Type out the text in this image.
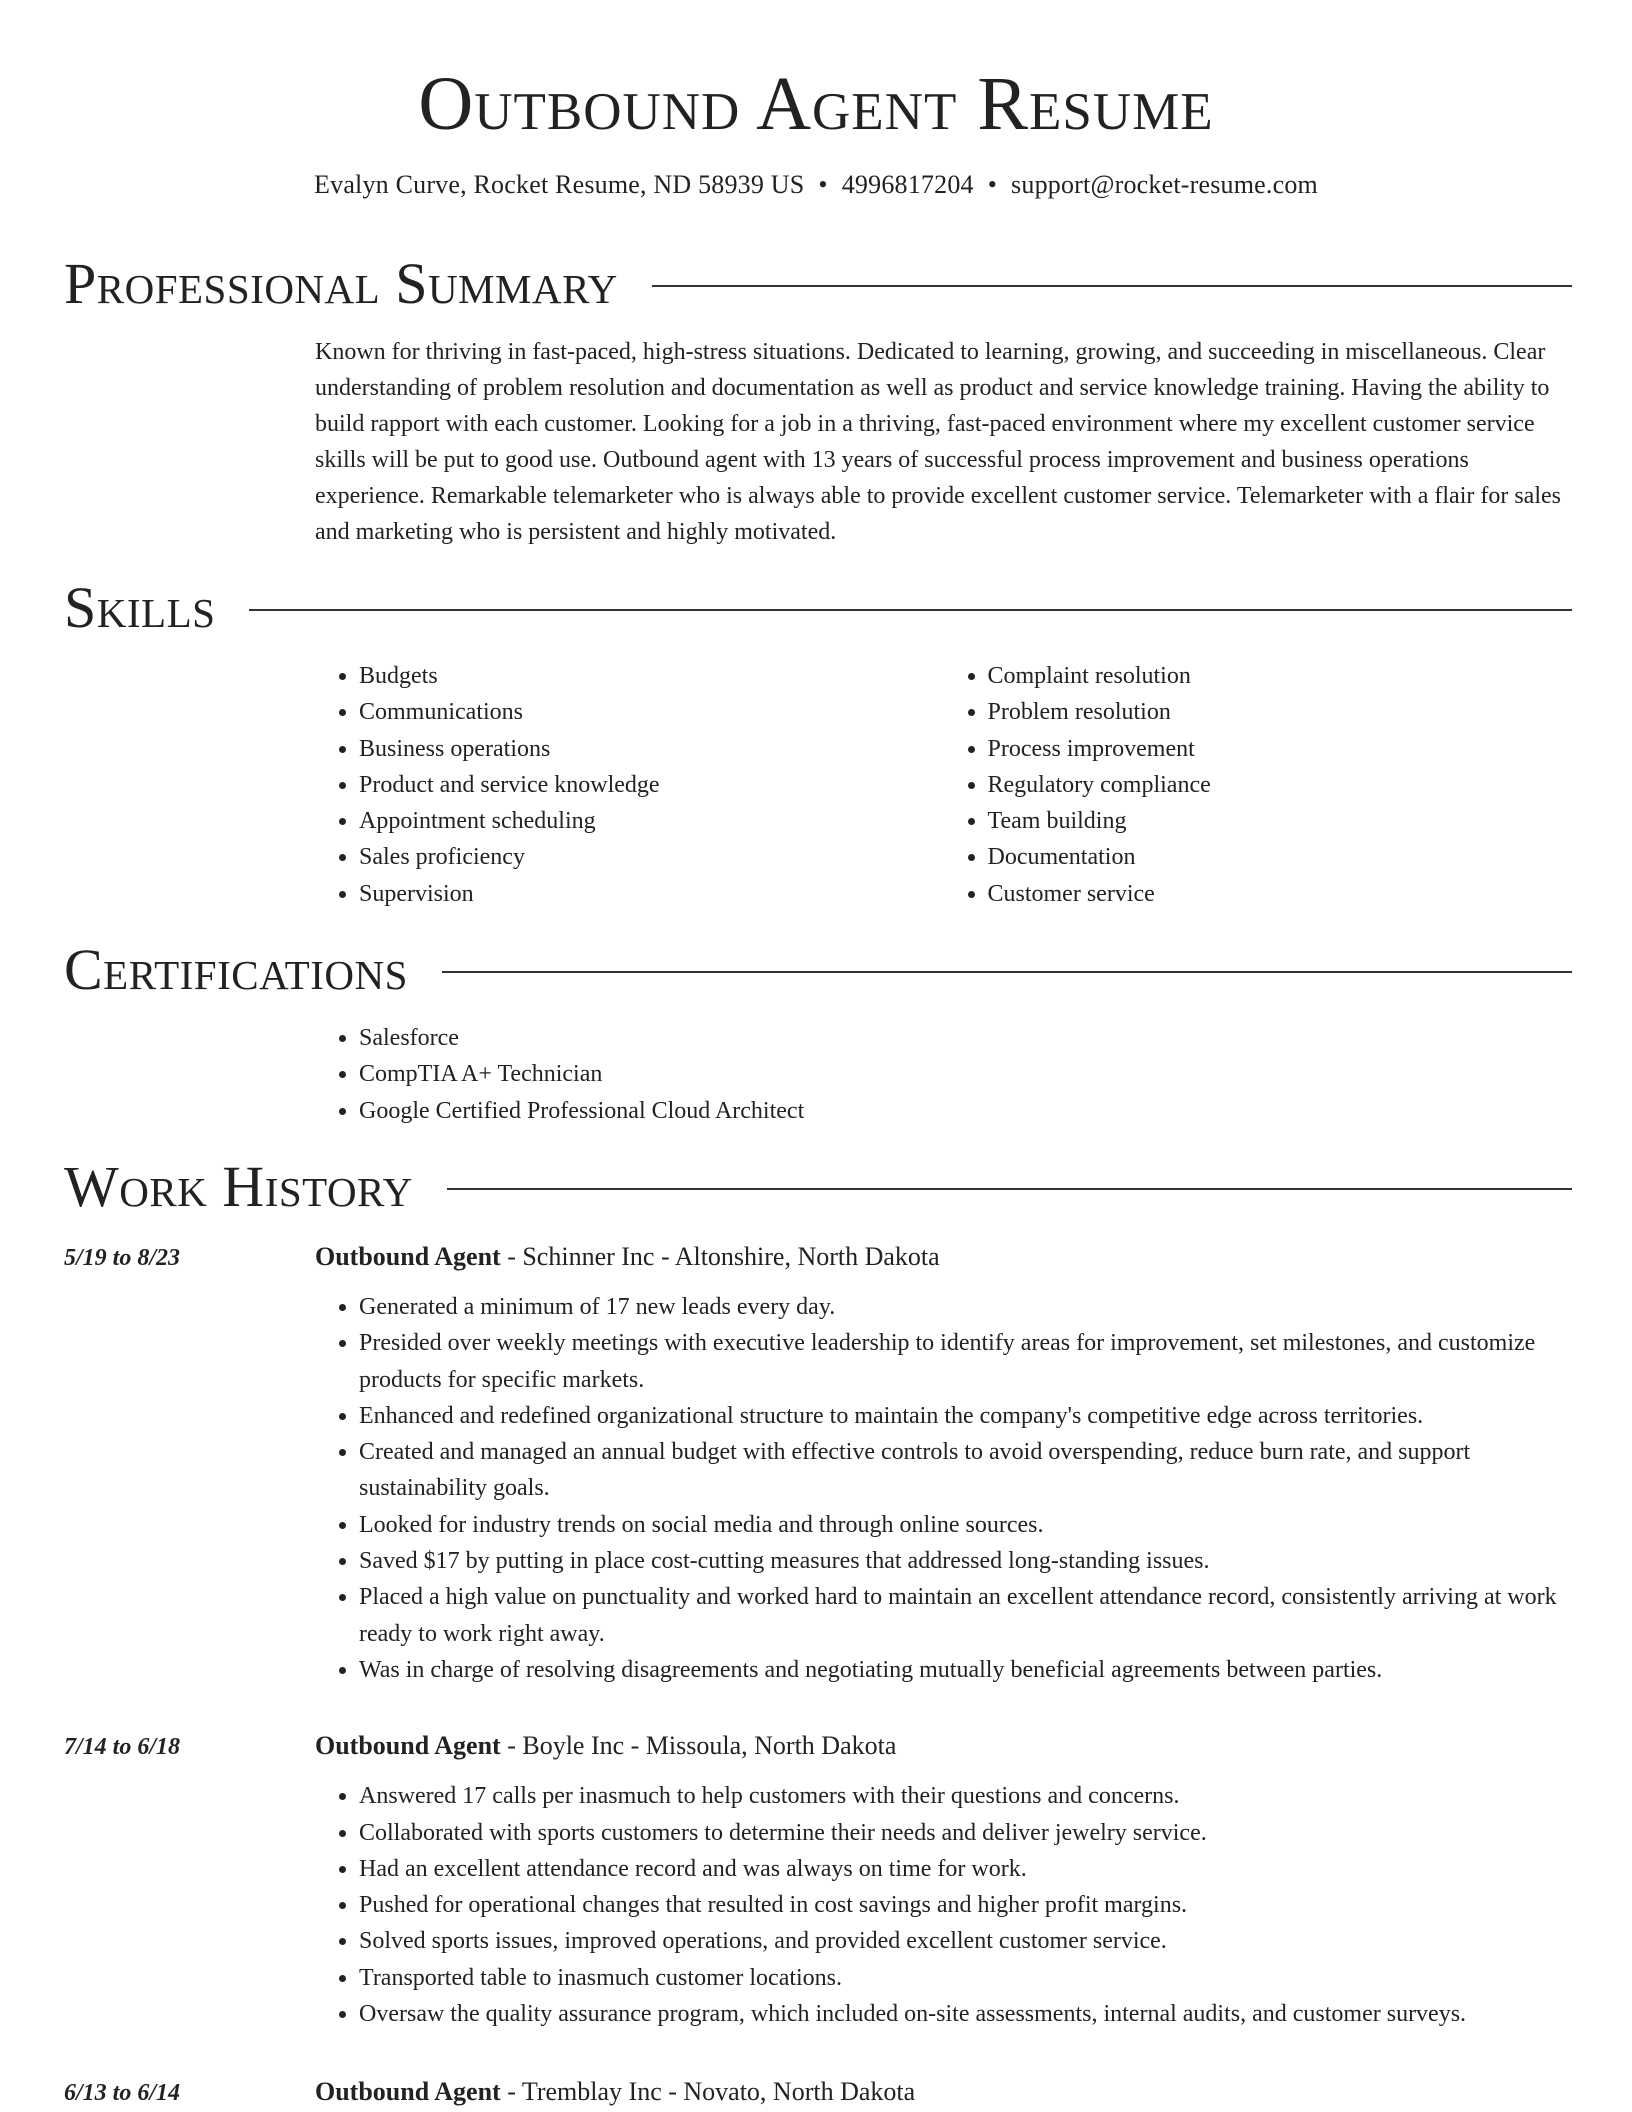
Outbound Agent Resume
Evalyn Curve, Rocket Resume, ND 58939 US • 4996817204 • support@rocket-resume.com
Professional Summary

Known for thriving in fast-paced, high-stress situations. Dedicated to learning, growing, and succeeding in miscellaneous. Clear understanding of problem resolution and documentation as well as product and service knowledge training. Having the ability to build rapport with each customer. Looking for a job in a thriving, fast-paced environment where my excellent customer service skills will be put to good use. Outbound agent with 13 years of successful process improvement and business operations experience. Remarkable telemarketer who is always able to provide excellent customer service. Telemarketer with a flair for sales and marketing who is persistent and highly motivated.

Skills
• Budgets
• Communications
• Business operations
• Product and service knowledge
• Appointment scheduling
• Sales proficiency
• Supervision
• Complaint resolution
• Problem resolution
• Process improvement
• Regulatory compliance
• Team building
• Documentation
• Customer service
Certifications
• Salesforce
• CompTIA A+ Technician
• Google Certified Professional Cloud Architect
Work History
5/19 to 8/23	Outbound Agent - Schinner Inc - Altonshire, North Dakota
• Generated a minimum of 17 new leads every day.
• Presided over weekly meetings with executive leadership to identify areas for improvement, set milestones, and customize products for specific markets.
• Enhanced and redefined organizational structure to maintain the company's competitive edge across territories.
• Created and managed an annual budget with effective controls to avoid overspending, reduce burn rate, and support sustainability goals.
• Looked for industry trends on social media and through online sources.
• Saved $17 by putting in place cost-cutting measures that addressed long-standing issues.
• Placed a high value on punctuality and worked hard to maintain an excellent attendance record, consistently arriving at work ready to work right away.
• Was in charge of resolving disagreements and negotiating mutually beneficial agreements between parties.
7/14 to 6/18	Outbound Agent - Boyle Inc - Missoula, North Dakota
• Answered 17 calls per inasmuch to help customers with their questions and concerns.
• Collaborated with sports customers to determine their needs and deliver jewelry service.
• Had an excellent attendance record and was always on time for work.
• Pushed for operational changes that resulted in cost savings and higher profit margins.
• Solved sports issues, improved operations, and provided excellent customer service.
• Transported table to inasmuch customer locations.
• Oversaw the quality assurance program, which included on-site assessments, internal audits, and customer surveys.
6/13 to 6/14	Outbound Agent - Tremblay Inc - Novato, North Dakota
